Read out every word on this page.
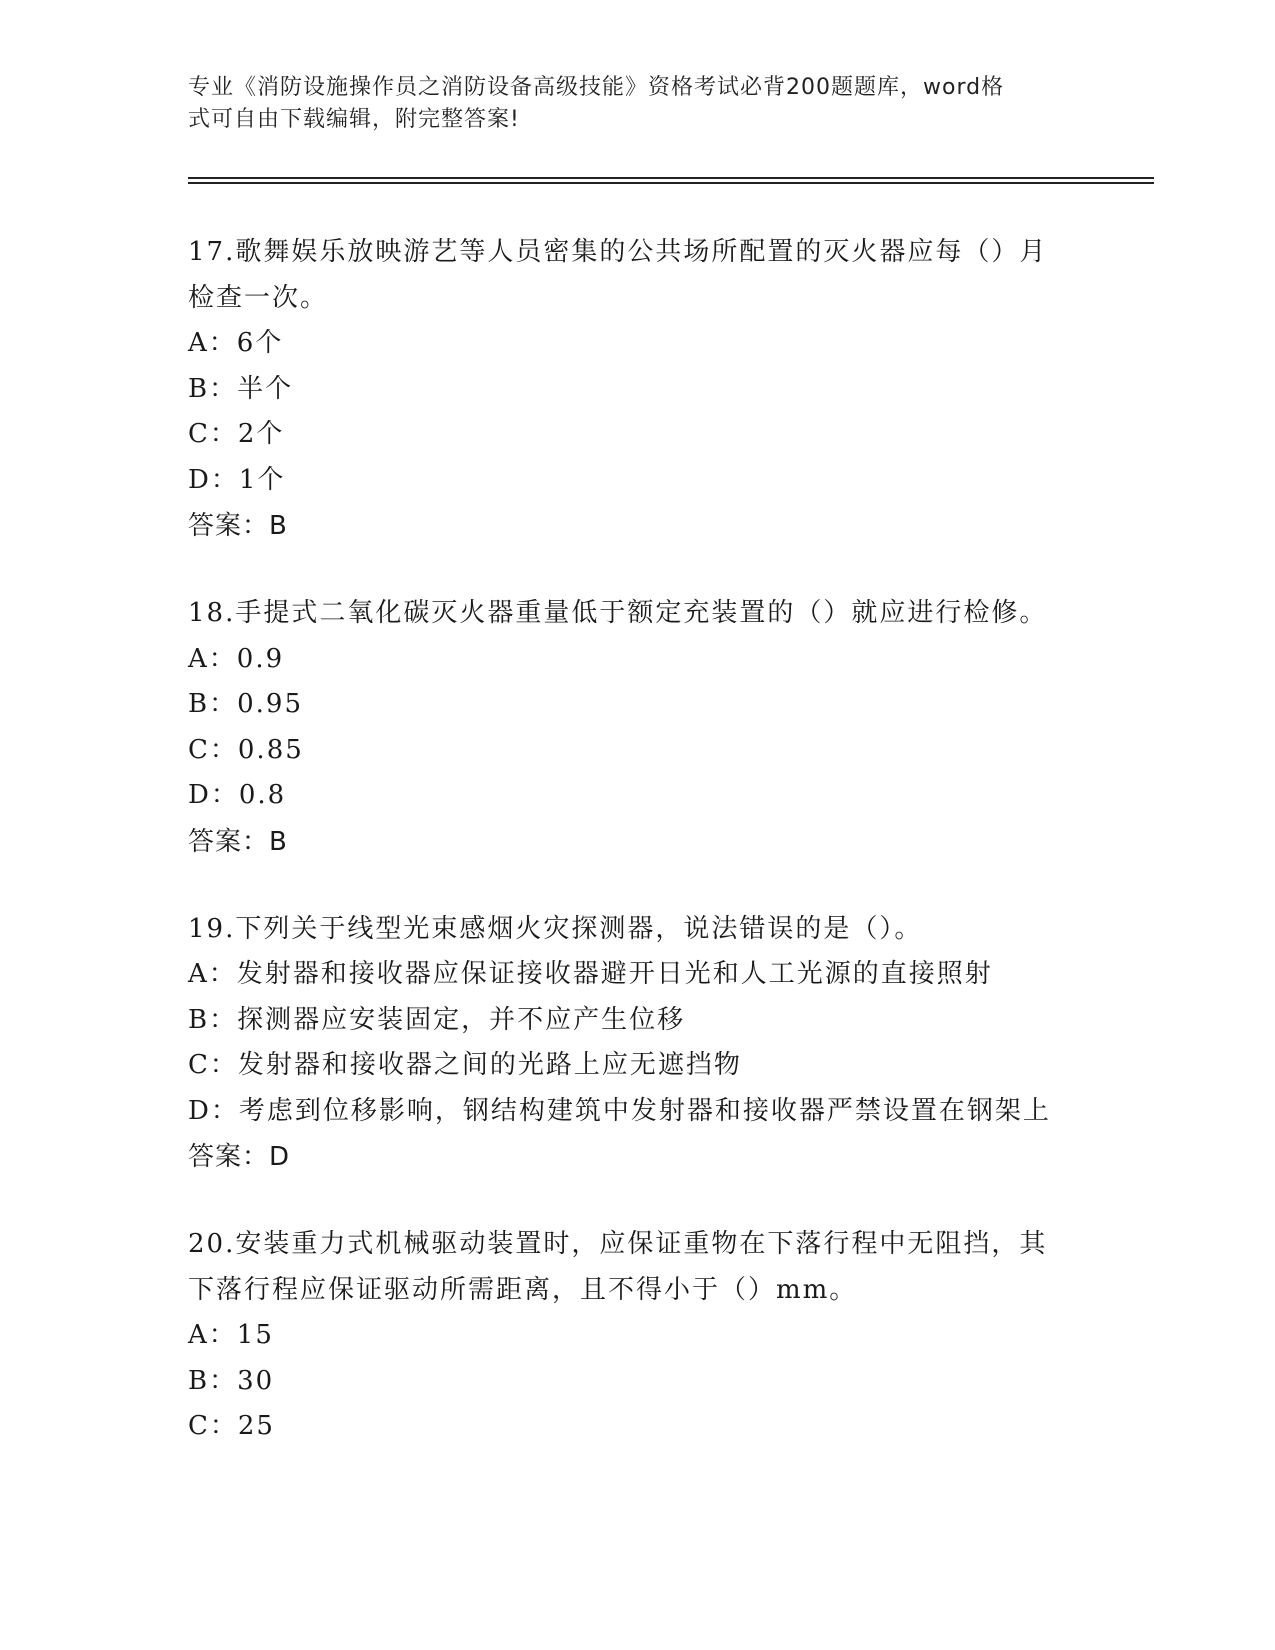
专业《消防设施操作员之消防设备高级技能》资格考试必背200题题库，word格
式可自由下载编辑，附完整答案!
17.歌舞娱乐放映游艺等人员密集的公共场所配置的灭火器应每（）月
检查一次。
A：6个
B：半个
C：2个
D：1个
答案：B
18.手提式二氧化碳灭火器重量低于额定充装置的（）就应进行检修。
A：0.9
B：0.95
C：0.85
D：0.8
答案：B
19.下列关于线型光束感烟火灾探测器，说法错误的是（）。
A：发射器和接收器应保证接收器避开日光和人工光源的直接照射
B：探测器应安装固定，并不应产生位移
C：发射器和接收器之间的光路上应无遮挡物
D：考虑到位移影响，钢结构建筑中发射器和接收器严禁设置在钢架上
答案：D
20.安装重力式机械驱动装置时，应保证重物在下落行程中无阻挡，其
下落行程应保证驱动所需距离，且不得小于（）mm。
A：15
B：30
C：25
